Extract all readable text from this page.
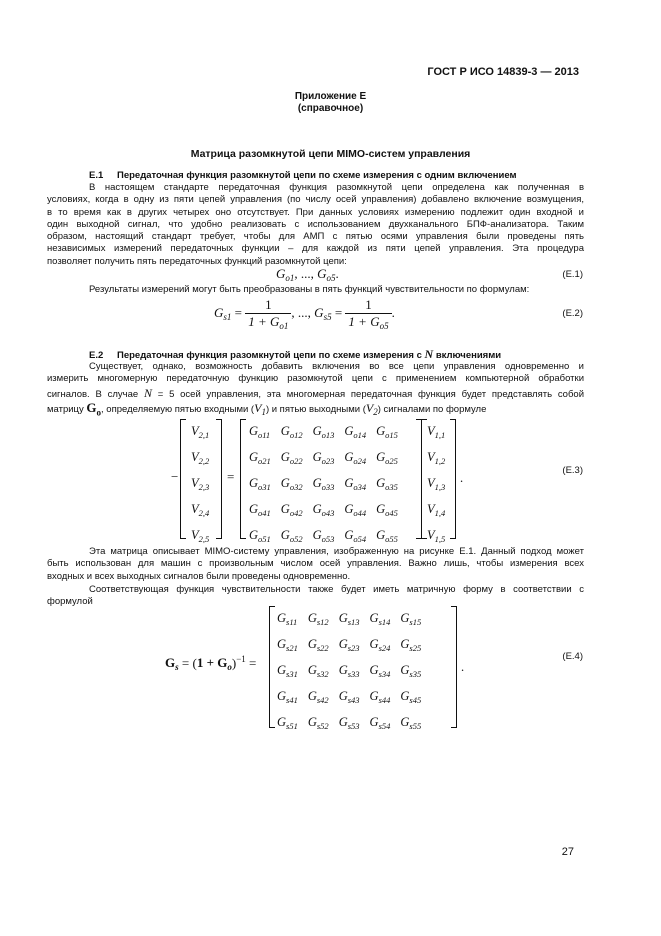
ГОСТ Р ИСО 14839-3 — 2013
Приложение Е
(справочное)
Матрица разомкнутой цепи MIMO-систем управления
Е.1 Передаточная функция разомкнутой цепи по схеме измерения с одним включением
В настоящем стандарте передаточная функция разомкнутой цепи определена как полученная в
условиях, когда в одну из пяти цепей управления (по числу осей управления) добавлено включение возмущения,
в то время как в других четырех оно отсутствует. При данных условиях измерению подлежит один входной и
один выходной сигнал, что удобно реализовать с использованием двухканального БПФ-анализатора. Таким
образом, настоящий стандарт требует, чтобы для АМП с пятью осями управления были проведены пять
независимых измерений передаточных функции – для каждой из пяти цепей управления. Эта процедура
позволяет получить пять передаточных функций разомкнутой цепи:
$G_{o1}$, ..., $G_{o5}$.	(Е.1)
Результаты измерений могут быть преобразованы в пять функций чувствительности по формулам:
$G_{s1} = \frac{1}{1 + G_{o1}}$ , ..., $G_{s5} = \frac{1}{1 + G_{o5}}$ .	(Е.2)
Е.2 Передаточная функция разомкнутой цепи по схеме измерения с N включениями
Существует, однако, возможность добавить включения во все цепи управления одновременно и
измерить многомерную передаточную функцию разомкнутой цепи с применением компьютерной обработки
сигналов. В случае N = 5 осей управления, эта многомерная передаточная функция будет представлять собой
матрицу $G_o$, определяемую пятью входными $(V_1)$ и пятью выходными $(V_2)$ сигналами по формуле
−
$V_{2,1}$
$V_{2,2}$
$V_{2,3}$
$V_{2,4}$
$V_{2,5}$
=
$G_{o11}$	$G_{o12}$	$G_{o13}$	$G_{o14}$	$G_{o15}$
$G_{o21}$	$G_{o22}$	$G_{o23}$	$G_{o24}$	$G_{o25}$
$G_{o31}$	$G_{o32}$	$G_{o33}$	$G_{o34}$	$G_{o35}$
$G_{o41}$	$G_{o42}$	$G_{o43}$	$G_{o44}$	$G_{o45}$
$G_{o51}$	$G_{o52}$	$G_{o53}$	$G_{o54}$	$G_{o55}$
$V_{1,1}$
$V_{1,2}$
$V_{1,3}$
$V_{1,4}$
$V_{1,5}$
.
(Е.3)
Эта матрица описывает MIMO-систему управления, изображенную на рисунке Е.1. Данный подход может
быть использован для машин с произвольным числом осей управления. Важно лишь, чтобы измерения всех
входных и всех выходных сигналов были проведены одновременно.
Соответствующая функция чувствительности также будет иметь матричную форму в соответствии с
формулой
$G_s = (1 + G_o)^{-1}$ =
$G_{s11}$	$G_{s12}$	$G_{s13}$	$G_{s14}$	$G_{s15}$
$G_{s21}$	$G_{s22}$	$G_{s23}$	$G_{s24}$	$G_{s25}$
$G_{s31}$	$G_{s32}$	$G_{s33}$	$G_{s34}$	$G_{s35}$
$G_{s41}$	$G_{s42}$	$G_{s43}$	$G_{s44}$	$G_{s45}$
$G_{s51}$	$G_{s52}$	$G_{s53}$	$G_{s54}$	$G_{s55}$
.
(Е.4)
27
